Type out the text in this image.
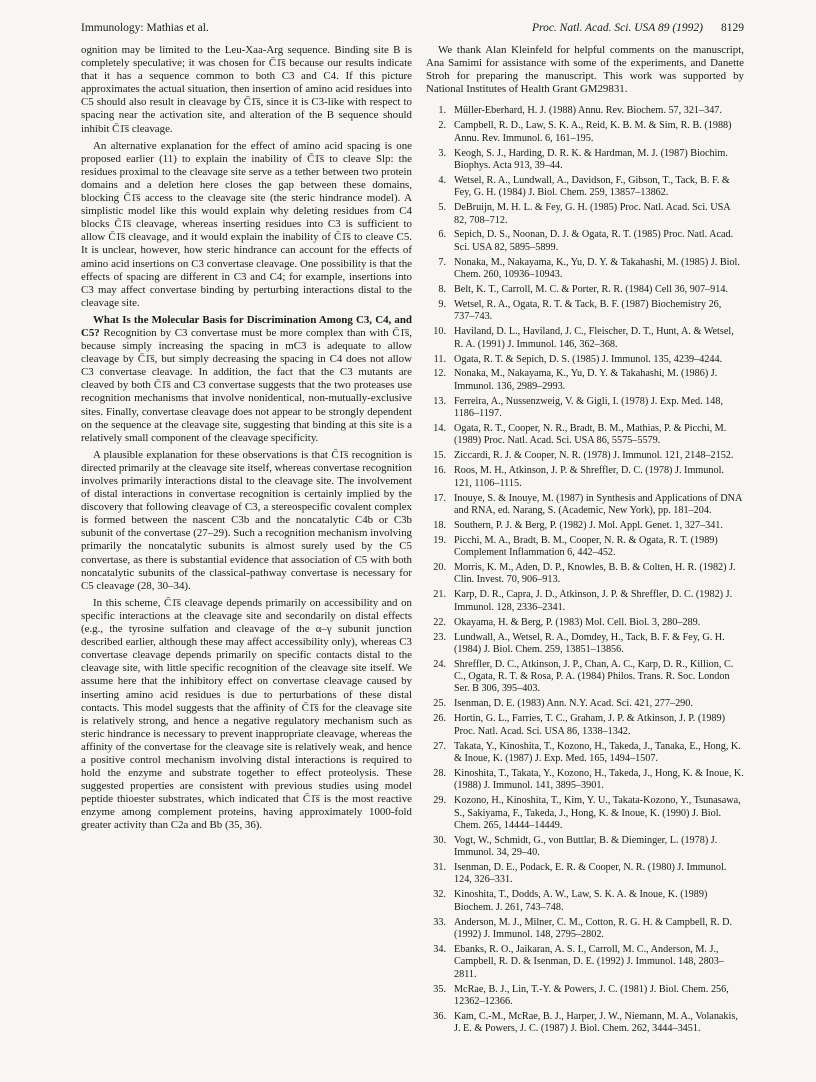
Immunology: Mathias et al.	Proc. Natl. Acad. Sci. USA 89 (1992) 8129

ognition may be limited to the Leu-Xaa-Arg sequence. Binding site B is completely speculative; it was chosen for C̄1̄s̄ because our results indicate that it has a sequence common to both C3 and C4. If this picture approximates the actual situation, then insertion of amino acid residues into C5 should also result in cleavage by C̄1̄s̄, since it is C3-like with respect to spacing near the activation site, and alteration of the B sequence should inhibit C̄1̄s̄ cleavage.

An alternative explanation for the effect of amino acid spacing is one proposed earlier (11) to explain the inability of C̄1̄s̄ to cleave Slp: the residues proximal to the cleavage site serve as a tether between two protein domains and a deletion here closes the gap between these domains, blocking C̄1̄s̄ access to the cleavage site (the steric hindrance model). A simplistic model like this would explain why deleting residues from C4 blocks C̄1̄s̄ cleavage, whereas inserting residues into C3 is sufficient to allow C̄1̄s̄ cleavage, and it would explain the inability of C̄1̄s̄ to cleave C5. It is unclear, however, how steric hindrance can account for the effects of amino acid insertions on C3 convertase cleavage. One possibility is that the effects of spacing are different in C3 and C4; for example, insertions into C3 may affect convertase binding by perturbing interactions distal to the cleavage site.

What Is the Molecular Basis for Discrimination Among C3, C4, and C5? Recognition by C3 convertase must be more complex than with C̄1̄s̄, because simply increasing the spacing in mC3 is adequate to allow cleavage by C̄1̄s̄, but simply decreasing the spacing in C4 does not allow C3 convertase cleavage. In addition, the fact that the C3 mutants are cleaved by both C̄1̄s̄ and C3 convertase suggests that the two proteases use recognition mechanisms that involve nonidentical, non-mutually-exclusive sites. Finally, convertase cleavage does not appear to be strongly dependent on the sequence at the cleavage site, suggesting that binding at this site is a relatively small component of the cleavage specificity.

A plausible explanation for these observations is that C̄1̄s̄ recognition is directed primarily at the cleavage site itself, whereas convertase recognition involves primarily interactions distal to the cleavage site. The involvement of distal interactions in convertase recognition is certainly implied by the discovery that following cleavage of C3, a stereospecific covalent complex is formed between the nascent C3b and the noncatalytic C4b or C3b subunit of the convertase (27–29). Such a recognition mechanism involving primarily the noncatalytic subunits is almost surely used by the C5 convertase, as there is substantial evidence that association of C5 with both noncatalytic subunits of the classical-pathway convertase is necessary for C5 cleavage (28, 30–34).

In this scheme, C̄1̄s̄ cleavage depends primarily on accessibility and on specific interactions at the cleavage site and secondarily on distal effects (e.g., the tyrosine sulfation and cleavage of the α–γ subunit junction described earlier, although these may affect accessibility only), whereas C3 convertase cleavage depends primarily on specific contacts distal to the cleavage site, with little specific recognition of the cleavage site itself. We assume here that the inhibitory effect on convertase cleavage caused by inserting amino acid residues is due to perturbations of these distal contacts. This model suggests that the affinity of C̄1̄s̄ for the cleavage site is relatively strong, and hence a negative regulatory mechanism such as steric hindrance is necessary to prevent inappropriate cleavage, whereas the affinity of the convertase for the cleavage site is relatively weak, and hence a positive control mechanism involving distal interactions is required to hold the enzyme and substrate together to effect proteolysis. These suggested properties are consistent with previous studies using model peptide thioester substrates, which indicated that C̄1̄s̄ is the most reactive enzyme among complement proteins, having approximately 1000-fold greater activity than C2a and Bb (35, 36).

We thank Alan Kleinfeld for helpful comments on the manuscript, Ana Samimi for assistance with some of the experiments, and Danette Stroh for preparing the manuscript. This work was supported by National Institutes of Health Grant GM29831.

1. Müller-Eberhard, H. J. (1988) Annu. Rev. Biochem. 57, 321–347.
2. Campbell, R. D., Law, S. K. A., Reid, K. B. M. & Sim, R. B. (1988) Annu. Rev. Immunol. 6, 161–195.
3. Keogh, S. J., Harding, D. R. K. & Hardman, M. J. (1987) Biochim. Biophys. Acta 913, 39–44.
4. Wetsel, R. A., Lundwall, A., Davidson, F., Gibson, T., Tack, B. F. & Fey, G. H. (1984) J. Biol. Chem. 259, 13857–13862.
5. DeBruijn, M. H. L. & Fey, G. H. (1985) Proc. Natl. Acad. Sci. USA 82, 708–712.
6. Sepich, D. S., Noonan, D. J. & Ogata, R. T. (1985) Proc. Natl. Acad. Sci. USA 82, 5895–5899.
7. Nonaka, M., Nakayama, K., Yu, D. Y. & Takahashi, M. (1985) J. Biol. Chem. 260, 10936–10943.
8. Belt, K. T., Carroll, M. C. & Porter, R. R. (1984) Cell 36, 907–914.
9. Wetsel, R. A., Ogata, R. T. & Tack, B. F. (1987) Biochemistry 26, 737–743.
10. Haviland, D. L., Haviland, J. C., Fleischer, D. T., Hunt, A. & Wetsel, R. A. (1991) J. Immunol. 146, 362–368.
11. Ogata, R. T. & Sepich, D. S. (1985) J. Immunol. 135, 4239–4244.
12. Nonaka, M., Nakayama, K., Yu, D. Y. & Takahashi, M. (1986) J. Immunol. 136, 2989–2993.
13. Ferreira, A., Nussenzweig, V. & Gigli, I. (1978) J. Exp. Med. 148, 1186–1197.
14. Ogata, R. T., Cooper, N. R., Bradt, B. M., Mathias, P. & Picchi, M. (1989) Proc. Natl. Acad. Sci. USA 86, 5575–5579.
15. Ziccardi, R. J. & Cooper, N. R. (1978) J. Immunol. 121, 2148–2152.
16. Roos, M. H., Atkinson, J. P. & Shreffler, D. C. (1978) J. Immunol. 121, 1106–1115.
17. Inouye, S. & Inouye, M. (1987) in Synthesis and Applications of DNA and RNA, ed. Narang, S. (Academic, New York), pp. 181–204.
18. Southern, P. J. & Berg, P. (1982) J. Mol. Appl. Genet. 1, 327–341.
19. Picchi, M. A., Bradt, B. M., Cooper, N. R. & Ogata, R. T. (1989) Complement Inflammation 6, 442–452.
20. Morris, K. M., Aden, D. P., Knowles, B. B. & Colten, H. R. (1982) J. Clin. Invest. 70, 906–913.
21. Karp, D. R., Capra, J. D., Atkinson, J. P. & Shreffler, D. C. (1982) J. Immunol. 128, 2336–2341.
22. Okayama, H. & Berg, P. (1983) Mol. Cell. Biol. 3, 280–289.
23. Lundwall, A., Wetsel, R. A., Domdey, H., Tack, B. F. & Fey, G. H. (1984) J. Biol. Chem. 259, 13851–13856.
24. Shreffler, D. C., Atkinson, J. P., Chan, A. C., Karp, D. R., Killion, C. C., Ogata, R. T. & Rosa, P. A. (1984) Philos. Trans. R. Soc. London Ser. B 306, 395–403.
25. Isenman, D. E. (1983) Ann. N.Y. Acad. Sci. 421, 277–290.
26. Hortin, G. L., Farries, T. C., Graham, J. P. & Atkinson, J. P. (1989) Proc. Natl. Acad. Sci. USA 86, 1338–1342.
27. Takata, Y., Kinoshita, T., Kozono, H., Takeda, J., Tanaka, E., Hong, K. & Inoue, K. (1987) J. Exp. Med. 165, 1494–1507.
28. Kinoshita, T., Takata, Y., Kozono, H., Takeda, J., Hong, K. & Inoue, K. (1988) J. Immunol. 141, 3895–3901.
29. Kozono, H., Kinoshita, T., Kim, Y. U., Takata-Kozono, Y., Tsunasawa, S., Sakiyama, F., Takeda, J., Hong, K. & Inoue, K. (1990) J. Biol. Chem. 265, 14444–14449.
30. Vogt, W., Schmidt, G., von Buttlar, B. & Dieminger, L. (1978) J. Immunol. 34, 29–40.
31. Isenman, D. E., Podack, E. R. & Cooper, N. R. (1980) J. Immunol. 124, 326–331.
32. Kinoshita, T., Dodds, A. W., Law, S. K. A. & Inoue, K. (1989) Biochem. J. 261, 743–748.
33. Anderson, M. J., Milner, C. M., Cotton, R. G. H. & Campbell, R. D. (1992) J. Immunol. 148, 2795–2802.
34. Ebanks, R. O., Jaikaran, A. S. I., Carroll, M. C., Anderson, M. J., Campbell, R. D. & Isenman, D. E. (1992) J. Immunol. 148, 2803–2811.
35. McRae, B. J., Lin, T.-Y. & Powers, J. C. (1981) J. Biol. Chem. 256, 12362–12366.
36. Kam, C.-M., McRae, B. J., Harper, J. W., Niemann, M. A., Volanakis, J. E. & Powers, J. C. (1987) J. Biol. Chem. 262, 3444–3451.
